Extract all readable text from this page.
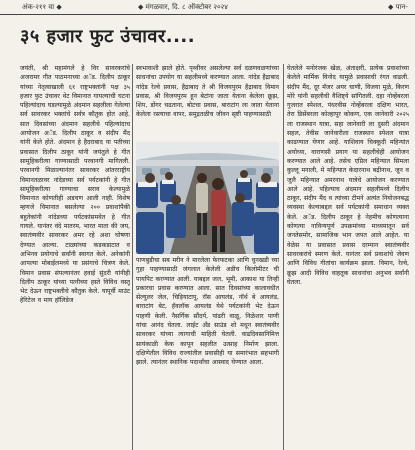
अंक-२११ वा ◆	◆ मंगळवार, दि. ८ ऑक्टोबर २०२४	◆ पान-
३५ हजार फुट उंचावर....

जयंती, श्री महामंगले हे विर सावरकरांचे अजरामर गीत पाठमनाच्या अॅड. दिलीप ठाकूर यांच्या नेतृत्वाखाली ६१ राष्ट्रभक्तांनी पक्ष ३५ हजार फुट उंचावर थेट विमानात गायल्याची घटना पहिल्यांदाच घडल्यामुळे अंदमान सहलीला गेलेल्या सर्व सावरकर भक्तांचे सर्वत्र कौतुक होत आहे. सात दिवसांच्या अंदमान सहलीचे पहिल्यांदाच आयोजन अॅड. दिलीप ठाकूर व संदीप मैंद यांनी केले होते. अंदमान हे हैदराबाद या पतीच्या प्रवासात दिलीप ठाकूर यांनी जयंतुले हे गीत सामूहिकरीत्या गाण्यासाठी परवानगी मागितली. परवानगी मिळाल्यानंतर सावरकर आंतरराष्ट्रीय विमानतळावर नांदेडच्या सर्व पर्यटकांनी हे गीत सामूहिकरीत्या गाण्याचा सराव केल्यामुळे विमानात कोणतीही अडचण आली नाही. विशेष म्हणजे विमानात बसलेल्या २०० प्रवाशांपैकी बहुतेकांनी नांदेडच्या पर्यटकांसमवेत हे गीत गायले. यानंतर वंदे मातरम, भारत माता की जय, स्वातंत्र्यवीर सावरकर अमर रहे अशा घोषणा देण्यात आल्या. टाळ्यांच्या कडकडाटात व अभिनव प्रयोगाचे सर्वांनी स्वागत केले. अनेकांनी आपल्या मोबाईलमध्ये या प्रसंगाचे चित्रण केले. विमान प्रवास संपल्यानंतर हवाई सुंदरी यांनीही दिलीप ठाकूर यांच्या पत्नीच्या हस्ते विविध वस्तू भेट देऊन राष्ट्रभक्तीचे कौतुक केले. यापूर्वी माउंट हेरिटेज व माय हॉलिडेज

स्वभावाशी झाले होते. पृथ्वीवर असलेल्या सर्व दळणवळणांच्या साधनांचा उपयोग या सहलीमध्ये करण्यात आला. नांदेड हैद्राबाद नांदेड रेल्वे प्रवास, हैद्राबाद ते श्री विजयपुरम हैद्राबाद विमान प्रवास, श्री विजयपुरम हून बेटांना जाता येताना केलेला क्रूझ, शिप, डोंगर चढताना, बोटचा प्रवास, बाराटांग ला जाता येताना केलेला रस्त्याचा वापर, समुद्रतळीच जीवन सृष्टी पाहण्यासाठी

पाणबुडीचा सब मरीन ने मारलेला फेरफटका आणि चुनखडी च्या गुहा पाहण्यासाठी जंगलात केलेली अडीच किलोमीटर ची पायपिट करण्यात आली. याबद्दल जल, भूमी, आकाश या तिन्ही प्रकारचा प्रवास करण्यात आला. सात दिवसांच्या कालावधीत सेल्युलर जेल, चिड़ियाटापू, रॉस आयलंड, नॉर्थ बे आयलंड, बाराटांग बेट, हॅवलॉक आयलंड येथे पर्यटकांनी भेट देऊन पाहणी केली. नैसर्गिक सौंदर्य, पांढरी वाळू, निळेशार पाणी यांचा आनंद घेतला. लाईट अँड साउंड शो मधून स्वातंत्र्यवीर सावरकर यांच्या त्यागाची माहिती घेतली. वाढदिवसानिमित्त सायंकाळी केक कापून सहलीत उत्साह निर्माण झाला. दक्षिणेतील विविध राज्यांतील प्रवासीही या समारंभात सहभागी झाले. त्यानंतर स्थानिक पदार्थांचा आस्वाद घेण्यात आला.

घेतलेले मनोरंजक खेळ, अंताक्षरी, प्रत्येक प्रवाशांच्या केलेले मार्मिक विनोद यामुळे प्रवासाची रंगत वाढली. संदीप मैंद, दूर मॅजर अयर चाणी, विजया मुळे, किरण मोरे यांनी सहलीची वैशिष्ट्ये सांगितली. दहा नोव्हेंबरला गुजरात स्पेशल, पंधरवीस नोव्हेंबरला दक्षिण भारत, तेरा डिसेंबरला कोल्हापूर कोकण, एक जानेवारी २०२५ ला राजस्थान यात्रा, सहा जानेवारी ला दुसरी अंदमान सहल, तेवीस जानेवारीला राजस्थान स्पेशल यात्रा काढण्यात येणार आहे. याशिवाय चिक्कूदी महिन्यांत अयोध्या, वाराणसी प्रयाग या सहलीचेही आयोजन करण्यात आले आहे. तसेच एप्रिल महिन्यात सिमला कुल्लू मनाली, मे महिन्यात केदारनाथ बद्रीनाथ, जून व जुलै महिन्यात अमरनाथ यात्रेचे आयोजन करण्यात आले आहे. पहिल्याच अंदमान सहलीमध्ये दिलीप ठाकूर, संदीप मैंद व त्यांच्या टीमने अत्यंत नियोजनबद्ध व्यवस्था केल्याबद्दल सर्व पर्यटकांनी समाधान व्यक्त केले. अॅड. दिलीप ठाकूर हे नेहमीच कोणत्याना कोणत्या नाविन्यपूर्ण उपक्रमांच्या माध्यमातून सर्व जनतेसमोर, सामाजिक भान जपत आले आहेत. या वेळेस या प्रवासात प्रवास दरम्यान स्वातंत्र्यवीर सावरकरांचे स्मरण केले. यानंतर सर्व प्रवाशांचे जेवण आणि विविध गीतांचा कार्यक्रम झाला. विमान, रेल्वे, क्रूझ आदी विविध वाहतूक साधनांचा अनुभव सर्वांनी घेतला.
